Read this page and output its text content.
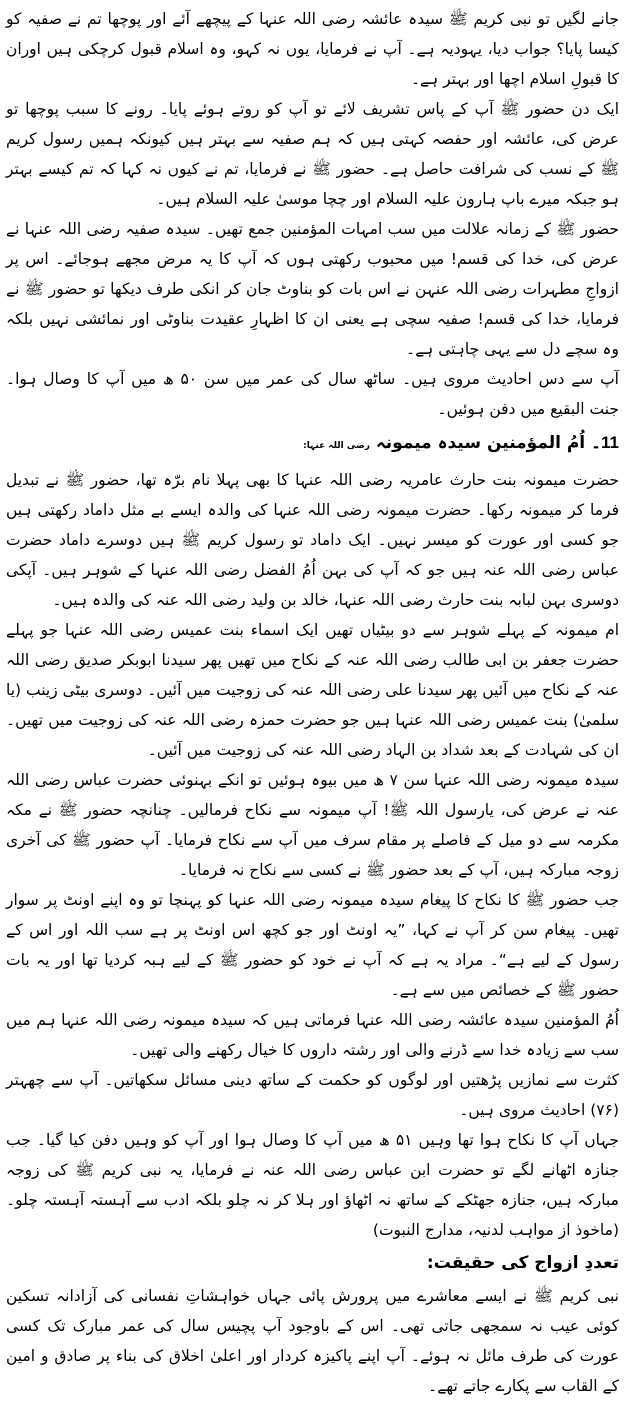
جانے لگیں تو نبی کریم ﷺ سیدہ عائشہ رضی اللہ عنہا کے پیچھے آئے اور پوچھا تم نے صفیہ کو کیسا پایا؟ جواب دیا، یہودیہ ہے۔ آپ نے فرمایا، یوں نہ کہو، وہ اسلام قبول کرچکی ہیں اوران کا قبولِ اسلام اچھا اور بہتر ہے۔

ایک دن حضور ﷺ آپ کے پاس تشریف لائے تو آپ کو روتے ہوئے پایا۔ رونے کا سبب پوچھا تو عرض کی، عائشہ اور حفصہ کہتی ہیں کہ ہم صفیہ سے بہتر ہیں کیونکہ ہمیں رسول کریم ﷺ کے نسب کی شرافت حاصل ہے۔ حضور ﷺ نے فرمایا، تم نے کیوں نہ کہا کہ تم کیسے بہتر ہو جبکہ میرے باپ ہارون علیہ السلام اور چچا موسیٰ علیہ السلام ہیں۔

حضور ﷺ کے زمانہ علالت میں سب امہات المؤمنین جمع تھیں۔ سیدہ صفیہ رضی اللہ عنہا نے عرض کی، خدا کی قسم! میں محبوب رکھتی ہوں کہ آپ کا یہ مرض مجھے ہوجائے۔ اس پر ازواجِ مطہرات رضی اللہ عنہن نے اس بات کو بناوٹ جان کر انکی طرف دیکھا تو حضور ﷺ نے فرمایا، خدا کی قسم! صفیہ سچی ہے یعنی ان کا اظہارِ عقیدت بناوٹی اور نمائشی نہیں بلکہ وہ سچے دل سے یہی چاہتی ہے۔

آپ سے دس احادیث مروی ہیں۔ ساٹھ سال کی عمر میں سن ۵۰ ھ میں آپ کا وصال ہوا۔ جنت البقیع میں دفن ہوئیں۔

11۔ اُمُ المؤمنین سیدہ میمونہ رضی اللہ عنہا:

حضرت میمونہ بنت حارث عامریہ رضی اللہ عنہا کا بھی پہلا نام برّہ تھا، حضور ﷺ نے تبدیل فرما کر میمونہ رکھا۔ حضرت میمونہ رضی اللہ عنہا کی والدہ ایسے بے مثل داماد رکھتی ہیں جو کسی اور عورت کو میسر نہیں۔ ایک داماد تو رسول کریم ﷺ ہیں دوسرے داماد حضرت عباس رضی اللہ عنہ ہیں جو کہ آپ کی بہن اُمُ الفضل رضی اللہ عنہا کے شوہر ہیں۔ آپکی دوسری بہن لبابہ بنت حارث رضی اللہ عنہا، خالد بن ولید رضی اللہ عنہ کی والدہ ہیں۔

ام میمونہ کے پہلے شوہر سے دو بیٹیاں تھیں ایک اسماء بنت عمیس رضی اللہ عنہا جو پہلے حضرت جعفر بن ابی طالب رضی اللہ عنہ کے نکاح میں تھیں پھر سیدنا ابوبکر صدیق رضی اللہ عنہ کے نکاح میں آئیں پھر سیدنا علی رضی اللہ عنہ کی زوجیت میں آئیں۔ دوسری بیٹی زینب (یا سلمیٰ) بنت عمیس رضی اللہ عنہا ہیں جو حضرت حمزہ رضی اللہ عنہ کی زوجیت میں تھیں۔ ان کی شہادت کے بعد شداد بن الہاد رضی اللہ عنہ کی زوجیت میں آئیں۔

سیدہ میمونہ رضی اللہ عنہا سن ۷ ھ میں بیوہ ہوئیں تو انکے بہنوئی حضرت عباس رضی اللہ عنہ نے عرض کی، یارسول اللہ ﷺ! آپ میمونہ سے نکاح فرمالیں۔ چنانچہ حضور ﷺ نے مکہ مکرمہ سے دو میل کے فاصلے پر مقام سرف میں آپ سے نکاح فرمایا۔ آپ حضور ﷺ کی آخری زوجہ مبارکہ ہیں، آپ کے بعد حضور ﷺ نے کسی سے نکاح نہ فرمایا۔

جب حضور ﷺ کا نکاح کا پیغام سیدہ میمونہ رضی اللہ عنہا کو پہنچا تو وہ اپنے اونٹ پر سوار تھیں۔ پیغام سن کر آپ نے کہا، ”یہ اونٹ اور جو کچھ اس اونٹ پر ہے سب اللہ اور اس کے رسول کے لیے ہے“۔ مراد یہ ہے کہ آپ نے خود کو حضور ﷺ کے لیے ہبہ کردیا تھا اور یہ بات حضور ﷺ کے خصائص میں سے ہے۔

اُمُ المؤمنین سیدہ عائشہ رضی اللہ عنہا فرماتی ہیں کہ سیدہ میمونہ رضی اللہ عنہا ہم میں سب سے زیادہ خدا سے ڈرنے والی اور رشتہ داروں کا خیال رکھنے والی تھیں۔

کثرت سے نمازیں پڑھتیں اور لوگوں کو حکمت کے ساتھ دینی مسائل سکھاتیں۔ آپ سے چھہتر (۷۶) احادیث مروی ہیں۔

جہاں آپ کا نکاح ہوا تھا وہیں ۵۱ ھ میں آپ کا وصال ہوا اور آپ کو وہیں دفن کیا گیا۔ جب جنازہ اٹھانے لگے تو حضرت ابن عباس رضی اللہ عنہ نے فرمایا، یہ نبی کریم ﷺ کی زوجہ مبارکہ ہیں، جنازہ جھٹکے کے ساتھ نہ اٹھاؤ اور ہلا کر نہ چلو بلکہ ادب سے آہستہ آہستہ چلو۔ (ماخوذ از مواہب لدنیہ، مدارج النبوت)

تعددِ ازواج کی حقیقت:

نبی کریم ﷺ نے ایسے معاشرے میں پرورش پائی جہاں خواہشاتِ نفسانی کی آزادانہ تسکین کوئی عیب نہ سمجھی جاتی تھی۔ اس کے باوجود آپ پچیس سال کی عمر مبارک تک کسی عورت کی طرف مائل نہ ہوئے۔ آپ اپنے پاکیزہ کردار اور اعلیٰ اخلاق کی بناء پر صادق و امین کے القاب سے پکارے جاتے تھے۔
